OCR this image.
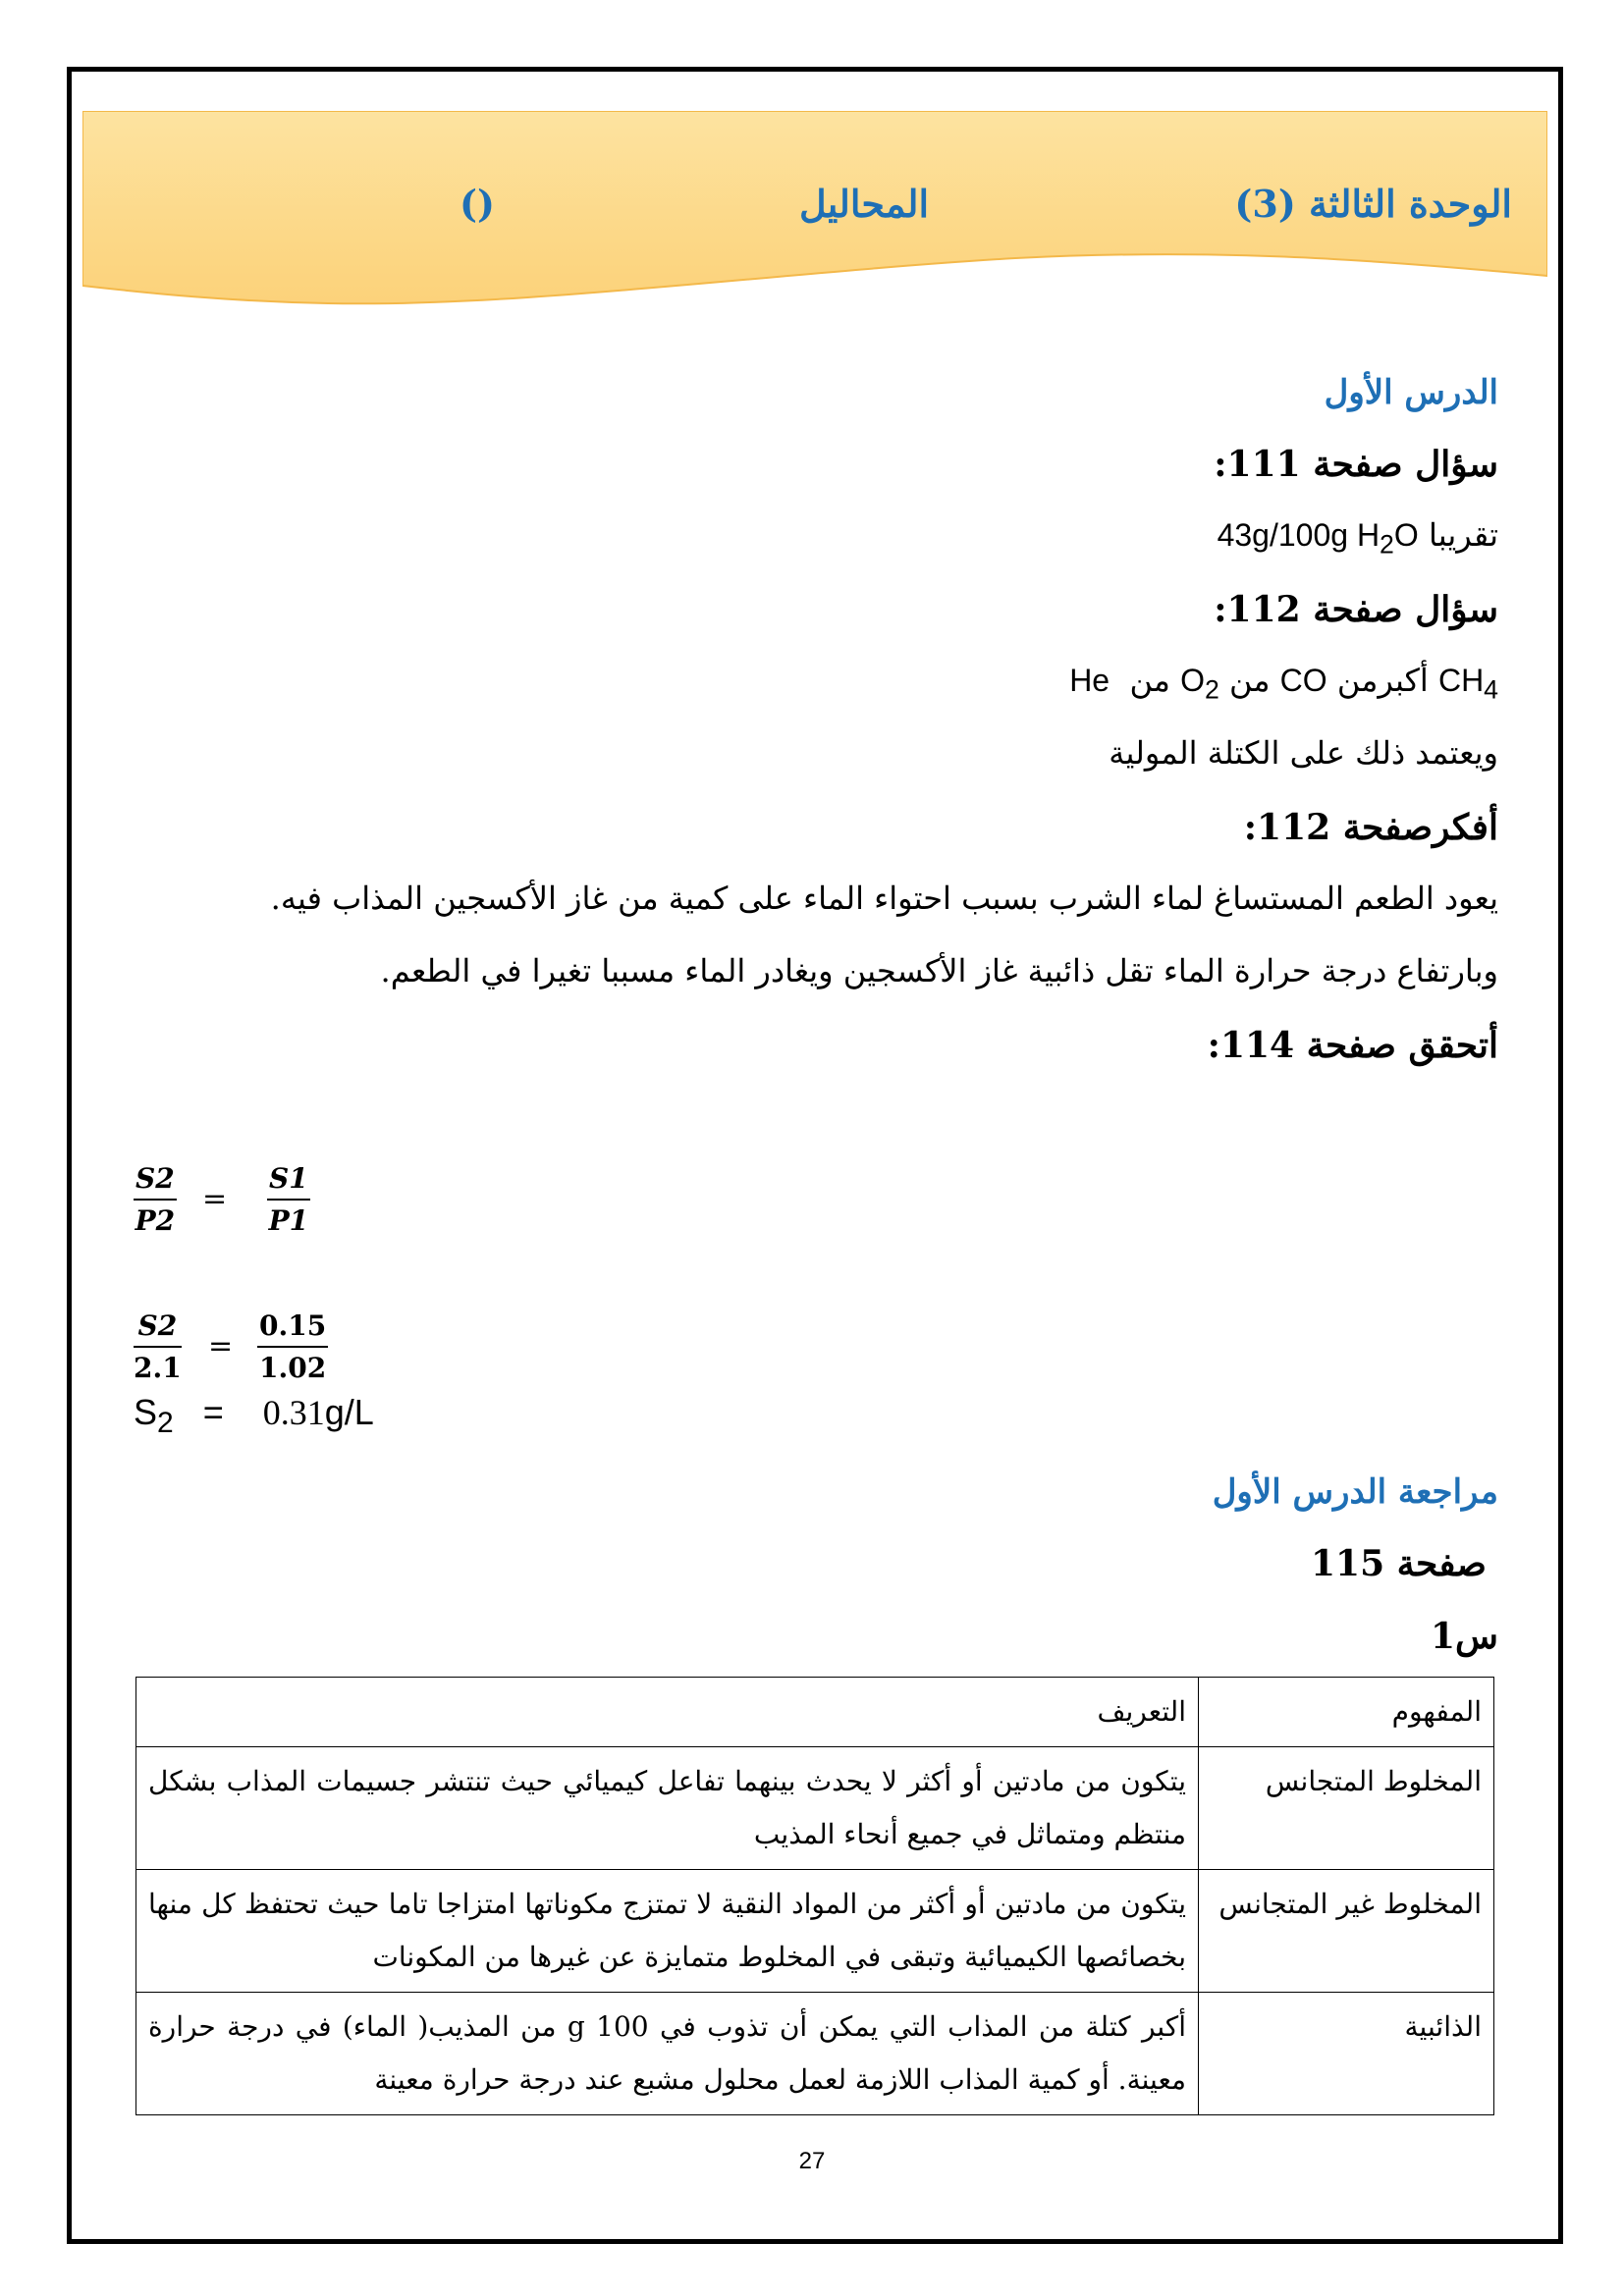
الوحدة الثالثة (3)
المحاليل
()
الدرس الأول
سؤال صفحة 111:
تقريبا 43g/100g $H_2O$
سؤال صفحة 112:
$CH_4$ أكبرمن CO من $O_2$ من  He
ويعتمد ذلك على الكتلة المولية
أفكرصفحة 112:
يعود الطعم المستساغ لماء الشرب بسبب احتواء الماء على كمية من غاز الأكسجين المذاب فيه.
وبارتفاع درجة حرارة الماء تقل ذائبية غاز الأكسجين ويغادر الماء مسببا تغيرا في الطعم.
أتحقق صفحة 114:
$\frac{S2}{P2} = \frac{S1}{P1}$
$\frac{S2}{2.1} = \frac{0.15}{1.02}$
$S_2 = 0.31g/L$
مراجعة الدرس الأول
صفحة 115
س1
المفهوم	التعريف
المخلوط المتجانس	يتكون من مادتين أو أكثر لا يحدث بينهما تفاعل كيميائي حيث تنتشر جسيمات المذاب بشكل منتظم ومتماثل في جميع أنحاء المذيب
المخلوط غير المتجانس	يتكون من مادتين أو أكثر من المواد النقية لا تمتزج مكوناتها امتزاجا تاما حيث تحتفظ كل منها بخصائصها الكيميائية وتبقى في المخلوط متمايزة عن غيرها من المكونات
الذائبية	أكبر كتلة من المذاب التي يمكن أن تذوب في 100 g من المذيب( الماء) في درجة حرارة معينة. أو كمية المذاب اللازمة لعمل محلول مشبع عند درجة حرارة معينة
27
